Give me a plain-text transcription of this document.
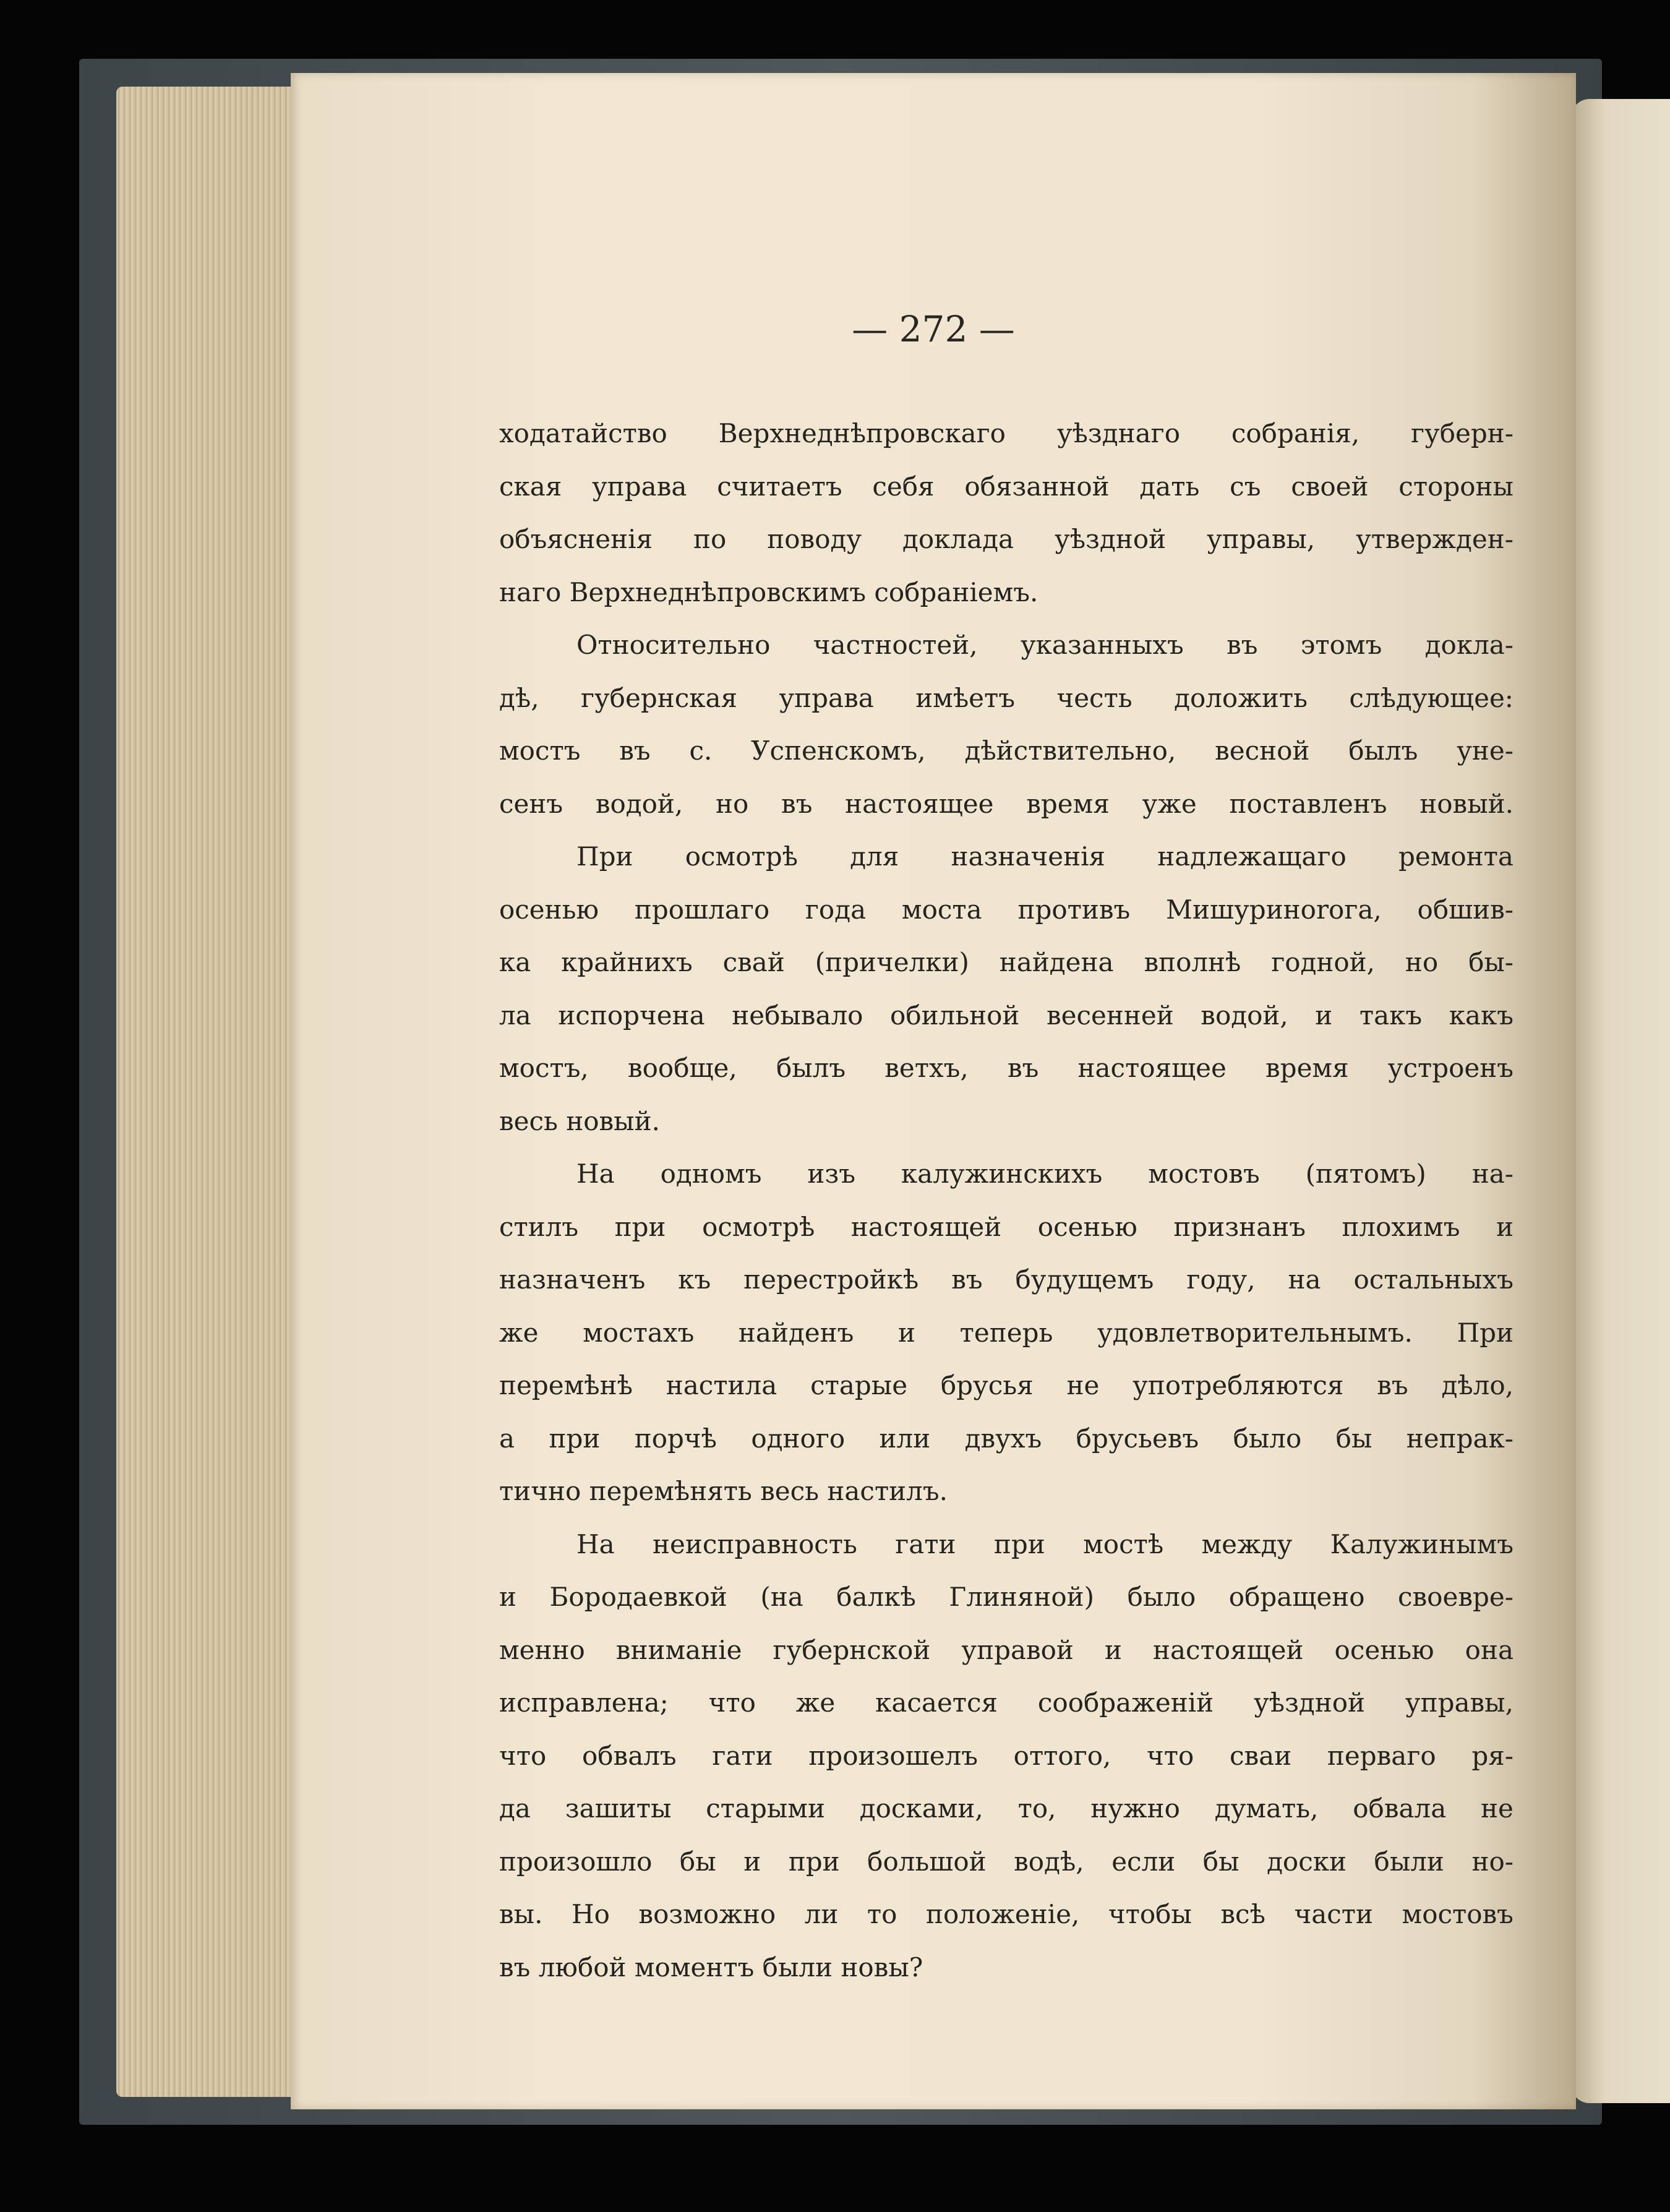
— 272 —
ходатайство Верхнеднѣпровскаго уѣзднаго собранія, губерн-
ская управа считаетъ себя обязанной дать съ своей стороны
объясненія по поводу доклада уѣздной управы, утвержден-
наго Верхнеднѣпровскимъ собраніемъ.
Относительно частностей, указанныхъ въ этомъ докла-
дѣ, губернская управа имѣетъ честь доложить слѣдующее:
мостъ въ с. Успенскомъ, дѣйствительно, весной былъ уне-
сенъ водой, но въ настоящее время уже поставленъ новый.
При осмотрѣ для назначенія надлежащаго ремонта
осенью прошлаго года моста противъ Мишуриноrога, обшив-
ка крайнихъ свай (причелки) найдена вполнѣ годной, но бы-
ла испорчена небывало обильной весенней водой, и такъ какъ
мостъ, вообще, былъ ветхъ, въ настоящее время устроенъ
весь новый.
На одномъ изъ калужинскихъ мостовъ (пятомъ) на-
стилъ при осмотрѣ настоящей осенью признанъ плохимъ и
назначенъ къ перестройкѣ въ будущемъ году, на остальныхъ
же мостахъ найденъ и теперь удовлетворительнымъ. При
перемѣнѣ настила старые брусья не употребляются въ дѣло,
а при порчѣ одного или двухъ брусьевъ было бы непрак-
тично перемѣнять весь настилъ.
На неисправность гати при мостѣ между Калужинымъ
и Бородаевкой (на балкѣ Глиняной) было обращено своевре-
менно вниманіе губернской управой и настоящей осенью она
исправлена; что же касается соображеній уѣздной управы,
что обвалъ гати произошелъ оттого, что сваи перваго ря-
да зашиты старыми досками, то, нужно думать, обвала не
произошло бы и при большой водѣ, если бы доски были но-
вы. Но возможно ли то положеніе, чтобы всѣ части мостовъ
въ любой моментъ были новы?
